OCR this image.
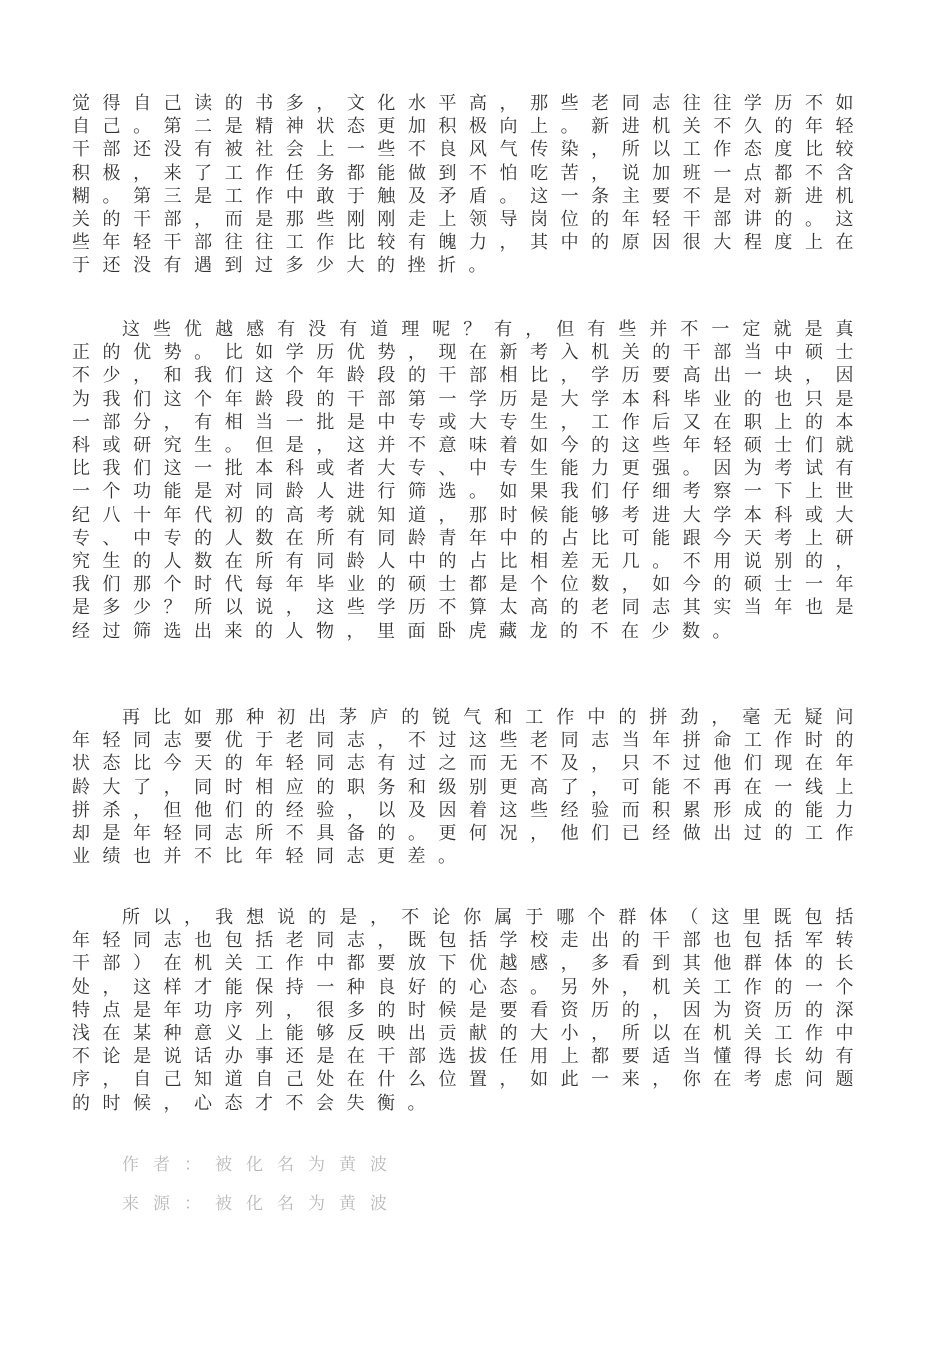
觉得自己读的书多，文化水平高，那些老同志往往学历不如自己。第二是精神状态更加积极向上。新进机关不久的年轻干部还没有被社会上一些不良风气传染，所以工作态度比较积极，来了工作任务都能做到不怕吃苦，说加班一点都不含糊。第三是工作中敢于触及矛盾。这一条主要不是对新进机关的干部，而是那些刚刚走上领导岗位的年轻干部讲的。这些年轻干部往往工作比较有魄力，其中的原因很大程度上在于还没有遇到过多少大的挫折。

这些优越感有没有道理呢？有，但有些并不一定就是真正的优势。比如学历优势，现在新考入机关的干部当中硕士不少，和我们这个年龄段的干部相比，学历要高出一块，因为我们这个年龄段的干部第一学历是大学本科毕业的也只是一部分，有相当一批是中专或大专生，工作后又在职上的本科或研究生。但是，这并不意味着如今的这些年轻硕士们就比我们这一批本科或者大专、中专生能力更强。因为考试有一个功能是对同龄人进行筛选。如果我们仔细考察一下上世纪八十年代初的高考就知道，那时候能够考进大学本科或大专、中专的人数在所有同龄青年中的占比可能跟今天考上研究生的人数在所有同龄人中的占比相差无几。不用说别的，我们那个时代每年毕业的硕士都是个位数，如今的硕士一年是多少？所以说，这些学历不算太高的老同志其实当年也是经过筛选出来的人物，里面卧虎藏龙的不在少数。

再比如那种初出茅庐的锐气和工作中的拼劲，毫无疑问年轻同志要优于老同志，不过这些老同志当年拼命工作时的状态比今天的年轻同志有过之而无不及，只不过他们现在年龄大了，同时相应的职务和级别更高了，可能不再在一线上拼杀，但他们的经验，以及因着这些经验而积累形成的能力却是年轻同志所不具备的。更何况，他们已经做出过的工作业绩也并不比年轻同志更差。

所以，我想说的是，不论你属于哪个群体（这里既包括年轻同志也包括老同志，既包括学校走出的干部也包括军转干部）在机关工作中都要放下优越感，多看到其他群体的长处，这样才能保持一种良好的心态。另外，机关工作的一个特点是年功序列，很多的时候是要看资历的，因为资历的深浅在某种意义上能够反映出贡献的大小，所以在机关工作中不论是说话办事还是在干部选拔任用上都要适当懂得长幼有序，自己知道自己处在什么位置，如此一来，你在考虑问题的时候，心态才不会失衡。

作者：被化名为黄波
来源：被化名为黄波
